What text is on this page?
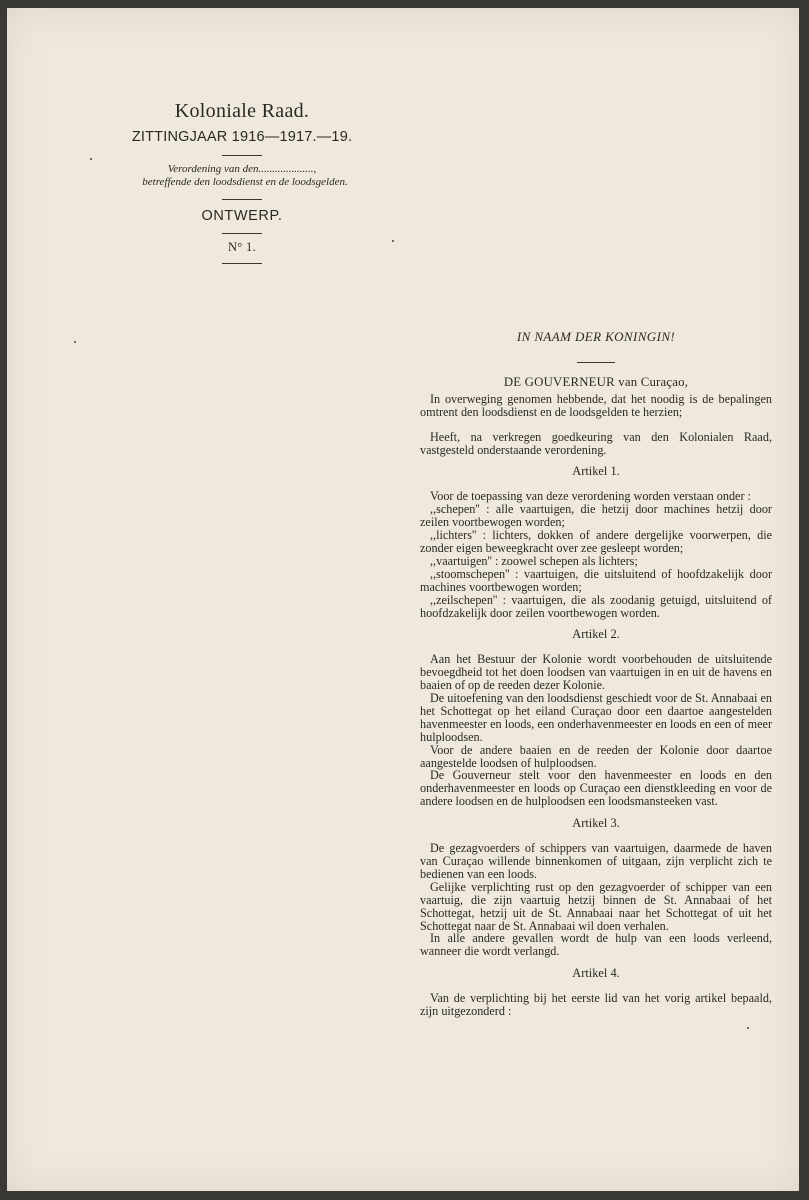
Koloniale Raad.
ZITTINGJAAR 1916—1917.—19.
Verordening van den....................,
betreffende den loodsdienst en de loodsgelden.
ONTWERP.
N° 1.
IN NAAM DER KONINGIN!
DE GOUVERNEUR van Curaçao,

In overweging genomen hebbende, dat het noodig is de bepalingen omtrent den loodsdienst en de loodsgelden te herzien;

Heeft, na verkregen goedkeuring van den Kolonialen Raad, vastgesteld onderstaande verordening.

Artikel 1.

Voor de toepassing van deze verordening worden verstaan onder :

,,schepen'' : alle vaartuigen, die hetzij door machines hetzij door zeilen voortbewogen worden;

,,lichters'' : lichters, dokken of andere dergelijke voorwerpen, die zonder eigen beweegkracht over zee gesleept worden;

,,vaartuigen'' : zoowel schepen als lichters;

,,stoomschepen'' : vaartuigen, die uitsluitend of hoofdzakelijk door machines voortbewogen worden;

,,zeilschepen'' : vaartuigen, die als zoodanig getuigd, uitsluitend of hoofdzakelijk door zeilen voortbewogen worden.

Artikel 2.

Aan het Bestuur der Kolonie wordt voorbehouden de uitsluitende bevoegdheid tot het doen loodsen van vaartuigen in en uit de havens en baaien of op de reeden dezer Kolonie.

De uitoefening van den loodsdienst geschiedt voor de St. Annabaai en het Schottegat op het eiland Curaçao door een daartoe aangestelden havenmeester en loods, een onderhavenmeester en loods en een of meer hulploodsen.

Voor de andere baaien en de reeden der Kolonie door daartoe aangestelde loodsen of hulploodsen.

De Gouverneur stelt voor den havenmeester en loods en den onderhavenmeester en loods op Curaçao een dienstkleeding en voor de andere loodsen en de hulploodsen een loodsmansteeken vast.

Artikel 3.

De gezagvoerders of schippers van vaartuigen, daarmede de haven van Curaçao willende binnenkomen of uitgaan, zijn verplicht zich te bedienen van een loods.

Gelijke verplichting rust op den gezagvoerder of schipper van een vaartuig, die zijn vaartuig hetzij binnen de St. Annabaai of het Schottegat, hetzij uit de St. Annabaai naar het Schottegat of uit het Schottegat naar de St. Annabaai wil doen verhalen.

In alle andere gevallen wordt de hulp van een loods verleend, wanneer die wordt verlangd.

Artikel 4.

Van de verplichting bij het eerste lid van het vorig artikel bepaald, zijn uitgezonderd :
